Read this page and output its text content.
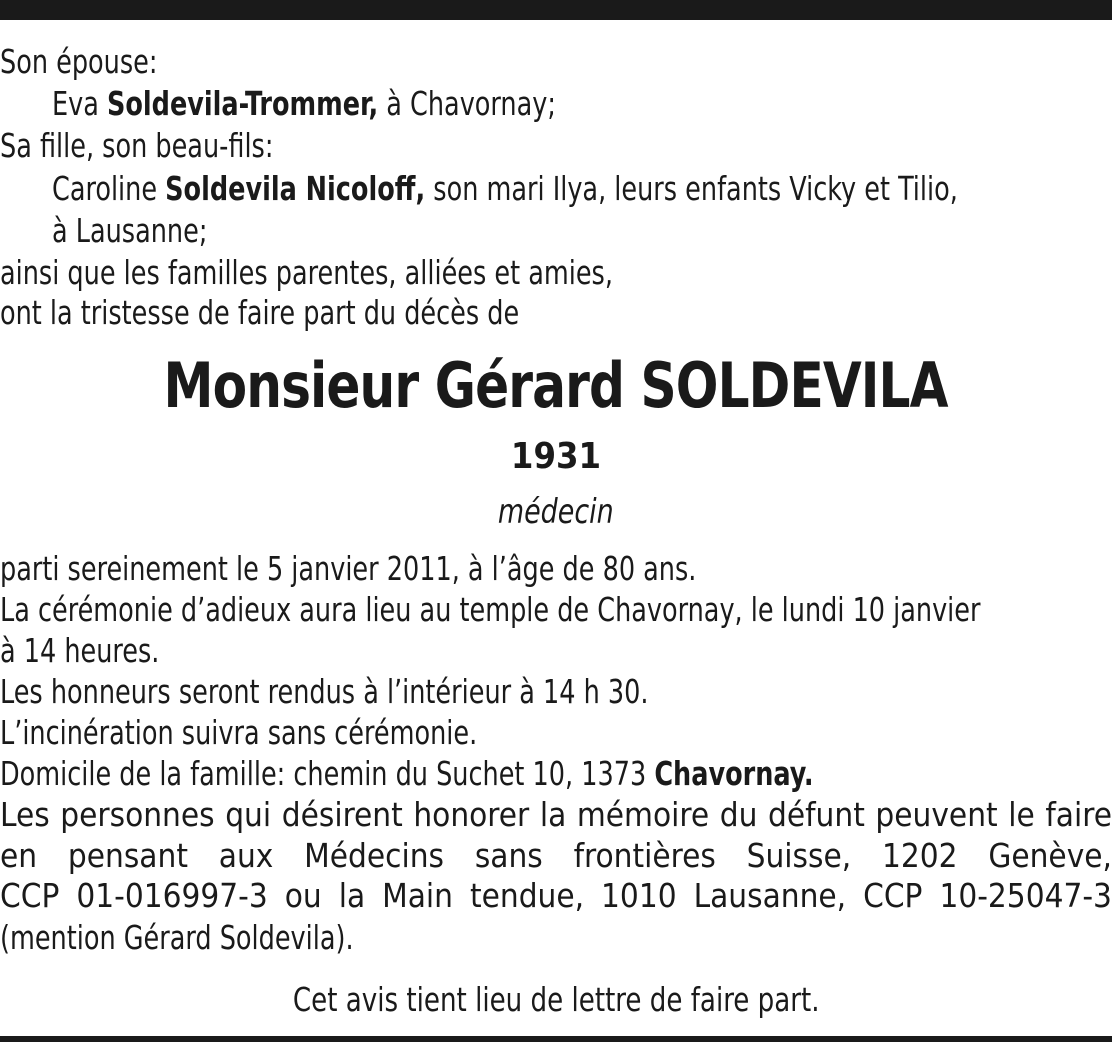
Son épouse:
Eva Soldevila-Trommer, à Chavornay;
Sa fille, son beau-fils:
Caroline Soldevila Nicoloff, son mari Ilya, leurs enfants Vicky et Tilio,
à Lausanne;
ainsi que les familles parentes, alliées et amies,
ont la tristesse de faire part du décès de
Monsieur Gérard SOLDEVILA
1931
médecin
parti sereinement le 5 janvier 2011, à l’âge de 80 ans.
La cérémonie d’adieux aura lieu au temple de Chavornay, le lundi 10 janvier
à 14 heures.
Les honneurs seront rendus à l’intérieur à 14 h 30.
L’incinération suivra sans cérémonie.
Domicile de la famille: chemin du Suchet 10, 1373 Chavornay.
Les personnes qui désirent honorer la mémoire du défunt peuvent le faire
en pensant aux Médecins sans frontières Suisse, 1202 Genève,
CCP 01-016997-3 ou la Main tendue, 1010 Lausanne, CCP 10-25047-3
(mention Gérard Soldevila).
Cet avis tient lieu de lettre de faire part.
